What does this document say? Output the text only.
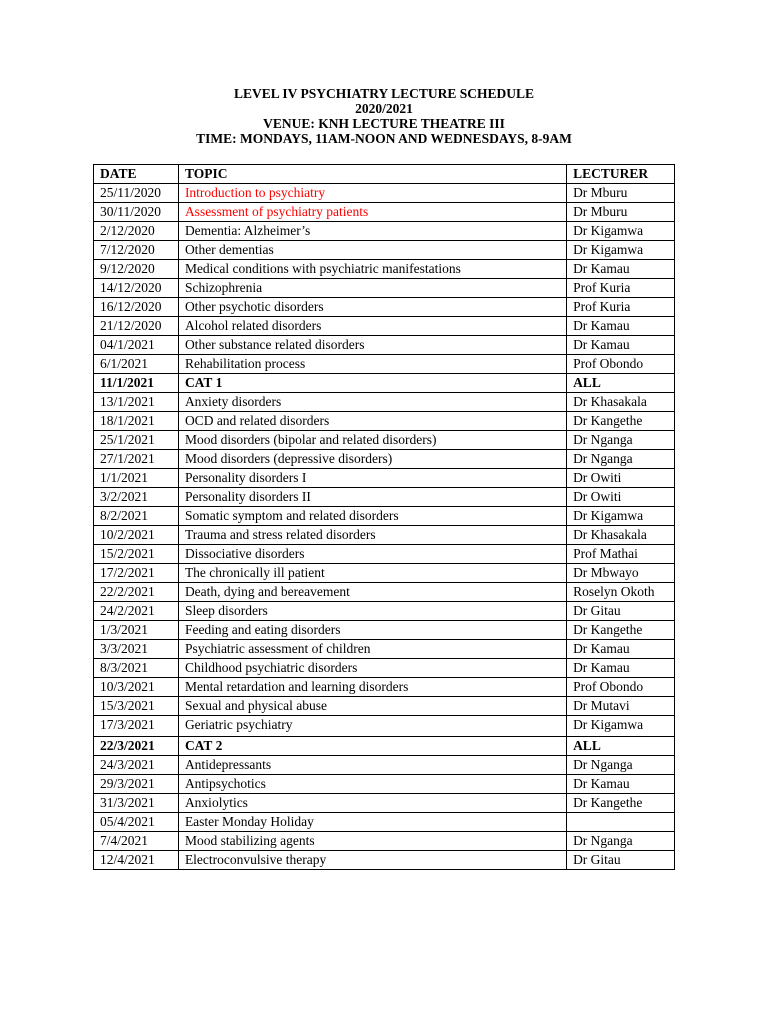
LEVEL IV PSYCHIATRY LECTURE SCHEDULE
2020/2021
VENUE: KNH LECTURE THEATRE III
TIME: MONDAYS, 11AM-NOON AND WEDNESDAYS, 8-9AM
DATE	TOPIC	LECTURER
25/11/2020	Introduction to psychiatry	Dr Mburu
30/11/2020	Assessment of psychiatry patients	Dr Mburu
2/12/2020	Dementia: Alzheimer’s	Dr Kigamwa
7/12/2020	Other dementias	Dr Kigamwa
9/12/2020	Medical conditions with psychiatric manifestations	Dr Kamau
14/12/2020	Schizophrenia	Prof Kuria
16/12/2020	Other psychotic disorders	Prof Kuria
21/12/2020	Alcohol related disorders	Dr Kamau
04/1/2021	Other substance related disorders	Dr Kamau
6/1/2021	Rehabilitation process	Prof Obondo
11/1/2021	CAT 1	ALL
13/1/2021	Anxiety disorders	Dr Khasakala
18/1/2021	OCD and related disorders	Dr Kangethe
25/1/2021	Mood disorders (bipolar and related disorders)	Dr Nganga
27/1/2021	Mood disorders (depressive disorders)	Dr Nganga
1/1/2021	Personality disorders I	Dr Owiti
3/2/2021	Personality disorders II	Dr Owiti
8/2/2021	Somatic symptom and related disorders	Dr Kigamwa
10/2/2021	Trauma and stress related disorders	Dr Khasakala
15/2/2021	Dissociative disorders	Prof Mathai
17/2/2021	The chronically ill patient	Dr Mbwayo
22/2/2021	Death, dying and bereavement	Roselyn Okoth
24/2/2021	Sleep disorders	Dr Gitau
1/3/2021	Feeding and eating disorders	Dr Kangethe
3/3/2021	Psychiatric assessment of children	Dr Kamau
8/3/2021	Childhood psychiatric disorders	Dr Kamau
10/3/2021	Mental retardation and learning disorders	Prof Obondo
15/3/2021	Sexual and physical abuse	Dr Mutavi
17/3/2021	Geriatric psychiatry	Dr Kigamwa
22/3/2021	CAT 2	ALL
24/3/2021	Antidepressants	Dr Nganga
29/3/2021	Antipsychotics	Dr Kamau
31/3/2021	Anxiolytics	Dr Kangethe
05/4/2021	Easter Monday Holiday	
7/4/2021	Mood stabilizing agents	Dr Nganga
12/4/2021	Electroconvulsive therapy	Dr Gitau
